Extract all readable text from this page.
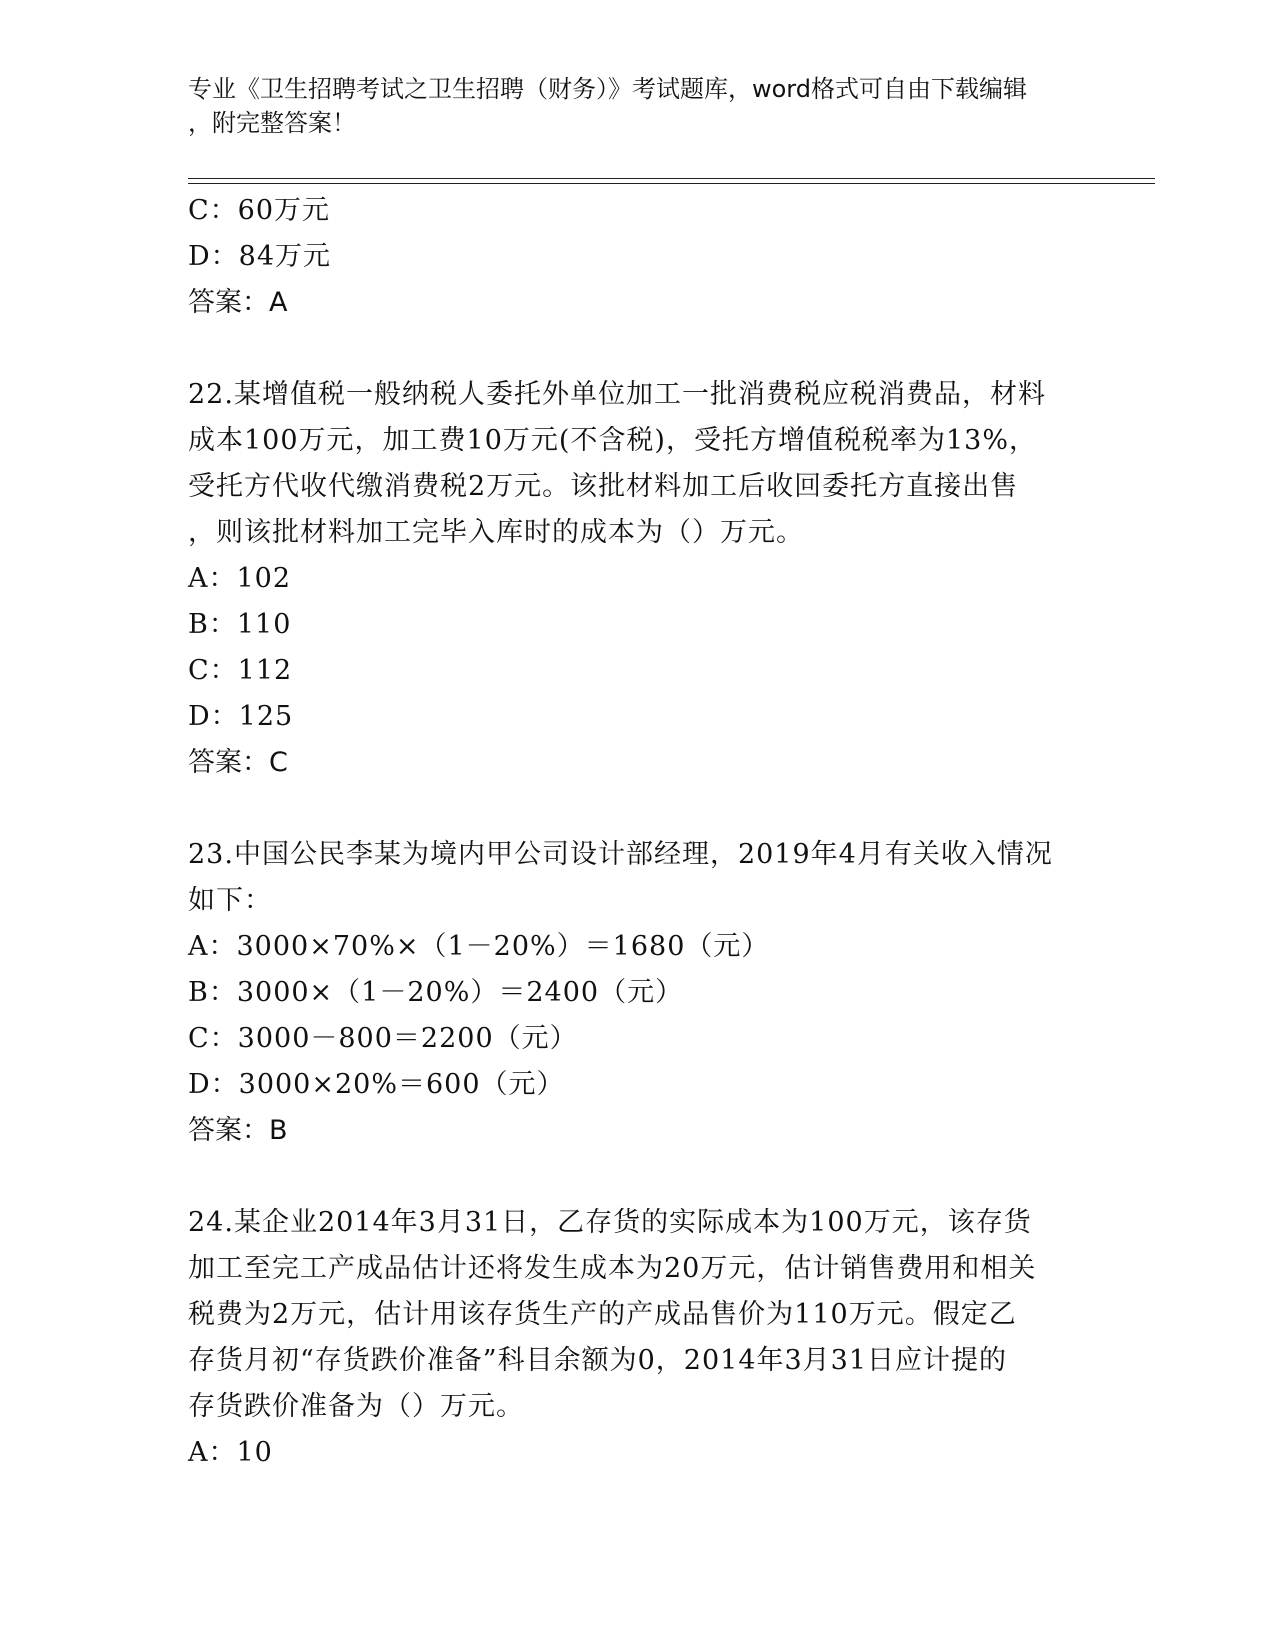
专业《卫生招聘考试之卫生招聘（财务）》考试题库，word格式可自由下载编辑
，附完整答案！
C：60万元
D：84万元
答案：A
22.某增值税一般纳税人委托外单位加工一批消费税应税消费品，材料
成本100万元，加工费10万元(不含税)，受托方增值税税率为13%，
受托方代收代缴消费税2万元。该批材料加工后收回委托方直接出售
，则该批材料加工完毕入库时的成本为（）万元。
A：102
B：110
C：112
D：125
答案：C
23.中国公民李某为境内甲公司设计部经理，2019年4月有关收入情况
如下：
A：3000×70%×（1－20%）＝1680（元）
B：3000×（1－20%）＝2400（元）
C：3000－800＝2200（元）
D：3000×20%＝600（元）
答案：B
24.某企业2014年3月31日，乙存货的实际成本为100万元，该存货
加工至完工产成品估计还将发生成本为20万元，估计销售费用和相关
税费为2万元，估计用该存货生产的产成品售价为110万元。假定乙
存货月初“存货跌价准备”科目余额为0，2014年3月31日应计提的
存货跌价准备为（）万元。
A：10
